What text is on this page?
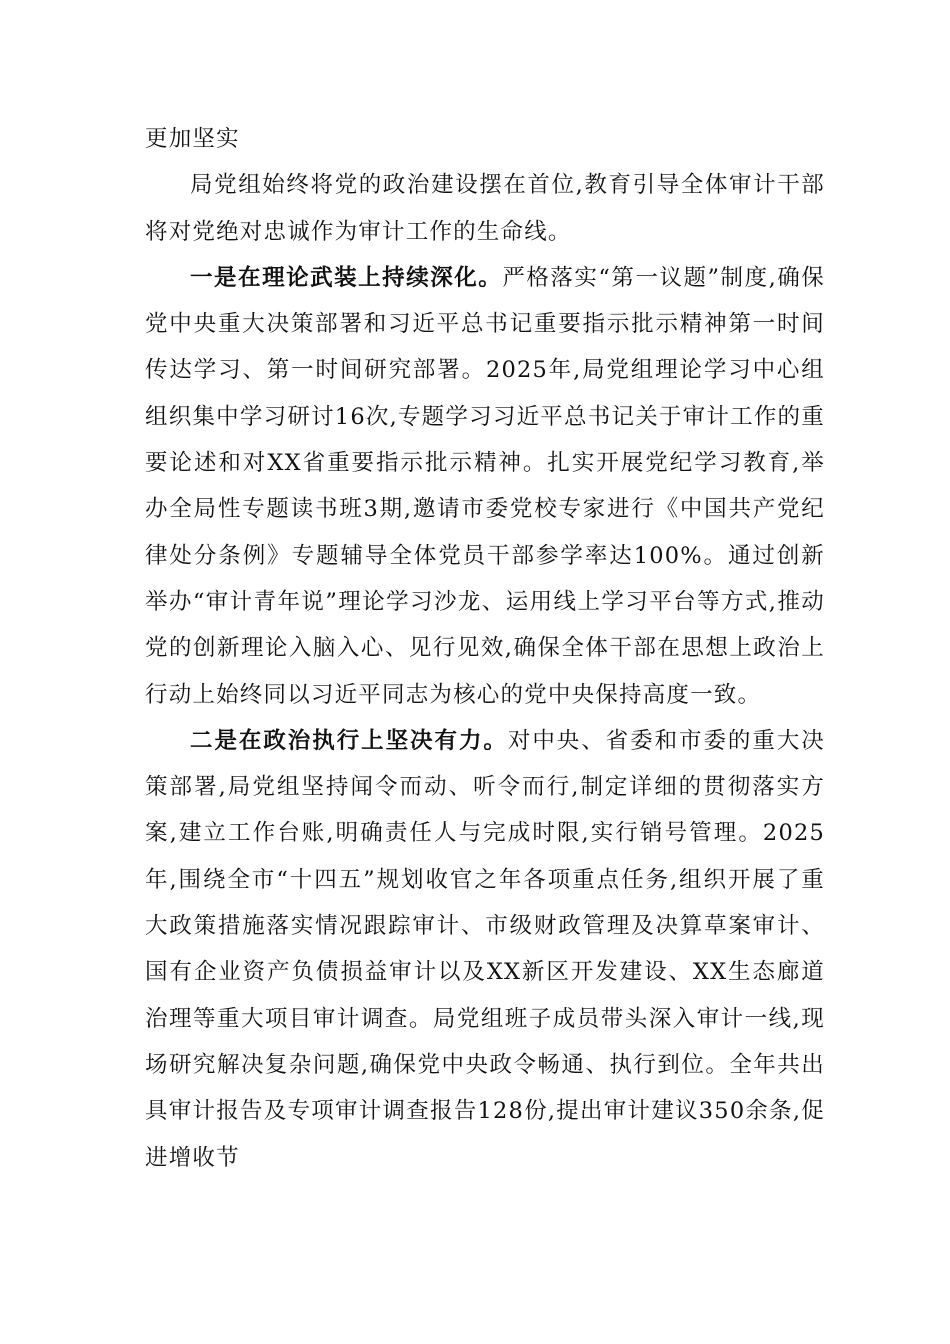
更加坚实

局党组始终将党的政治建设摆在首位,教育引导全体审计干部将对党绝对忠诚作为审计工作的生命线。

一是在理论武装上持续深化。严格落实“第一议题”制度,确保党中央重大决策部署和习近平总书记重要指示批示精神第一时间传达学习、第一时间研究部署。2025年,局党组理论学习中心组组织集中学习研讨16次,专题学习习近平总书记关于审计工作的重要论述和对XX省重要指示批示精神。扎实开展党纪学习教育,举办全局性专题读书班3期,邀请市委党校专家进行《中国共产党纪律处分条例》专题辅导全体党员干部参学率达100%。通过创新举办“审计青年说”理论学习沙龙、运用线上学习平台等方式,推动党的创新理论入脑入心、见行见效,确保全体干部在思想上政治上行动上始终同以习近平同志为核心的党中央保持高度一致。

二是在政治执行上坚决有力。对中央、省委和市委的重大决策部署,局党组坚持闻令而动、听令而行,制定详细的贯彻落实方案,建立工作台账,明确责任人与完成时限,实行销号管理。2025年,围绕全市“十四五”规划收官之年各项重点任务,组织开展了重大政策措施落实情况跟踪审计、市级财政管理及决算草案审计、国有企业资产负债损益审计以及XX新区开发建设、XX生态廊道治理等重大项目审计调查。局党组班子成员带头深入审计一线,现场研究解决复杂问题,确保党中央政令畅通、执行到位。全年共出具审计报告及专项审计调查报告128份,提出审计建议350余条,促进增收节
